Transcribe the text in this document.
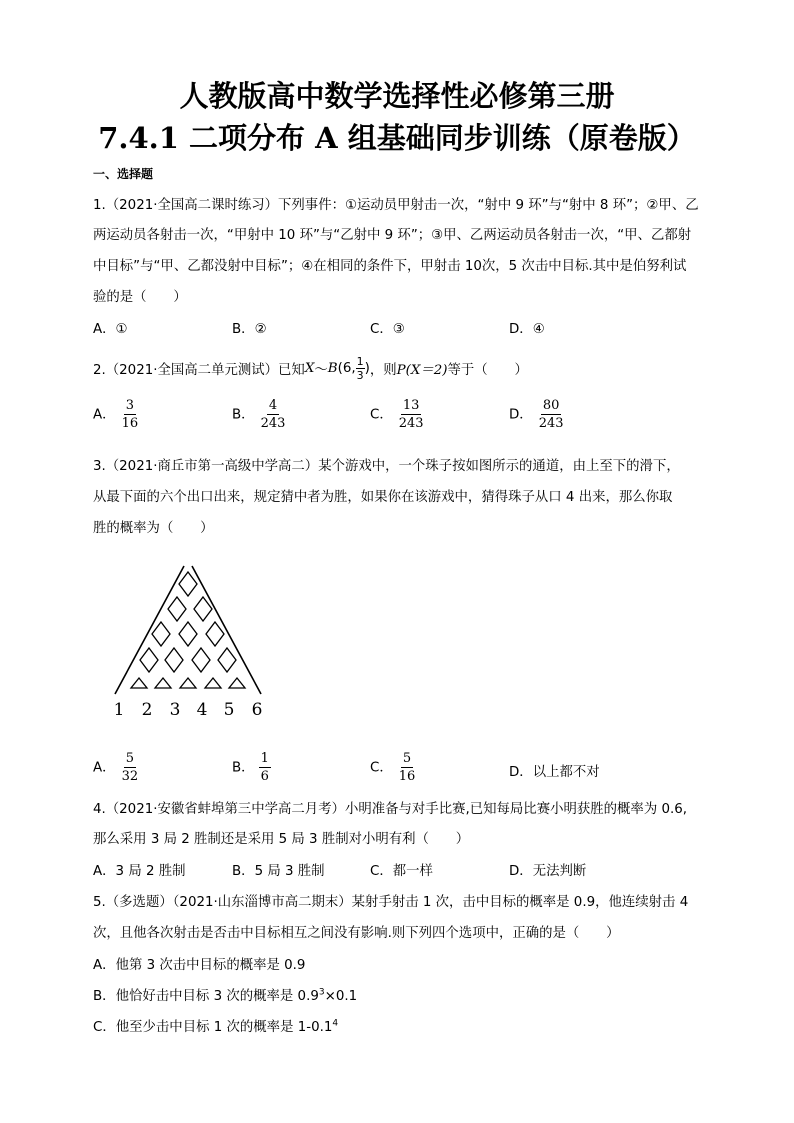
人教版高中数学选择性必修第三册
7.4.1 二项分布 A 组基础同步训练（原卷版）
一、选择题
1.（2021·全国高二课时练习）下列事件：①运动员甲射击一次，“射中 9 环”与“射中 8 环”；②甲、乙
两运动员各射击一次，“甲射中 10 环”与“乙射中 9 环”；③甲、乙两运动员各射击一次，“甲、乙都射
中目标”与“甲、乙都没射中目标”；④在相同的条件下，甲射击 10次，5 次击中目标.其中是伯努利试
验的是（　　）
A．①	B．②	C．③	D．④
2.（2021·全国高二单元测试）已知 X ～ B (6, $\frac{1}{3}$ ) ，则 P(X＝2) 等于（　　）
A． $\frac{3}{16}$	B． $\frac{4}{243}$	C． $\frac{13}{243}$	D． $\frac{80}{243}$
3.（2021·商丘市第一高级中学高二）某个游戏中，一个珠子按如图所示的通道，由上至下的滑下，
从最下面的六个出口出来，规定猜中者为胜，如果你在该游戏中，猜得珠子从口 4 出来，那么你取
胜的概率为（　　）
1 2 3 4 5 6
A． $\frac{5}{32}$	B． $\frac{1}{6}$	C． $\frac{5}{16}$	D．以上都不对
4.（2021·安徽省蚌埠第三中学高二月考）小明准备与对手比赛,已知每局比赛小明获胜的概率为 0.6,
那么采用 3 局 2 胜制还是采用 5 局 3 胜制对小明有利（　　）
A．3 局 2 胜制	B．5 局 3 胜制	C．都一样	D．无法判断
5.（多选题）（2021·山东淄博市高二期末）某射手射击 1 次，击中目标的概率是 0.9，他连续射击 4
次，且他各次射击是否击中目标相互之间没有影响.则下列四个选项中，正确的是（　　）
A．他第 3 次击中目标的概率是 0.9
B．他恰好击中目标 3 次的概率是 $0.9^3\times 0.1$
C．他至少击中目标 1 次的概率是 $1-0.1^4$
